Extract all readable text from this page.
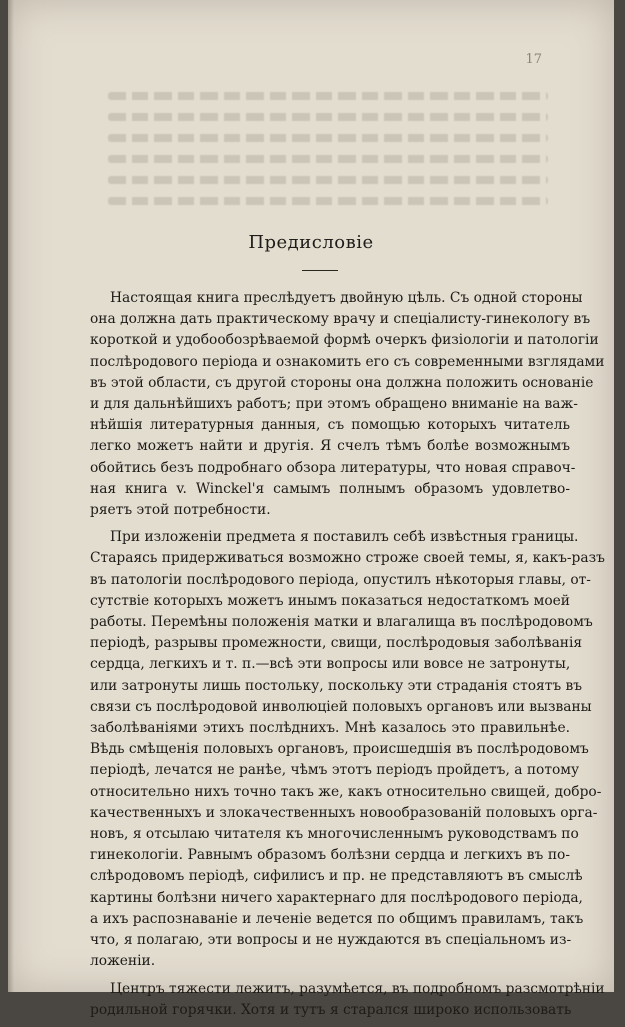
17
Предисловіе

Настоящая книга преслѣдуетъ двойную цѣль. Съ одной стороны
она должна дать практическому врачу и спеціалисту-гинекологу въ
короткой и удобообозрѣваемой формѣ очеркъ физіологіи и патологіи
послѣродового періода и ознакомить его съ современными взглядами
въ этой области, съ другой стороны она должна положить основаніе
и для дальнѣйшихъ работъ; при этомъ обращено вниманіе на важ-
нѣйшія литературныя данныя, съ помощью которыхъ читатель
легко можетъ найти и другія. Я счелъ тѣмъ болѣе возможнымъ
обойтись безъ подробнаго обзора литературы, что новая справоч-
ная книга v. Winckel'я самымъ полнымъ образомъ удовлетво-
ряетъ этой потребности.

При изложеніи предмета я поставилъ себѣ извѣстныя границы.
Стараясь придерживаться возможно строже своей темы, я, какъ-разъ
въ патологіи послѣродового періода, опустилъ нѣкоторыя главы, от-
сутствіе которыхъ можетъ инымъ показаться недостаткомъ моей
работы. Перемѣны положенія матки и влагалища въ послѣродовомъ
періодѣ, разрывы промежности, свищи, послѣродовыя заболѣванія
сердца, легкихъ и т. п.—всѣ эти вопросы или вовсе не затронуты,
или затронуты лишь постольку, поскольку эти страданія стоятъ въ
связи съ послѣродовой инволюціей половыхъ органовъ или вызваны
заболѣваніями этихъ послѣднихъ. Мнѣ казалось это правильнѣе.
Вѣдь смѣщенія половыхъ органовъ, происшедшія въ послѣродовомъ
періодѣ, лечатся не ранѣе, чѣмъ этотъ періодъ пройдетъ, а потому
относительно нихъ точно такъ же, какъ относительно свищей, добро-
качественныхъ и злокачественныхъ новообразованій половыхъ орга-
новъ, я отсылаю читателя къ многочисленнымъ руководствамъ по
гинекологіи. Равнымъ образомъ болѣзни сердца и легкихъ въ по-
слѣродовомъ періодѣ, сифилисъ и пр. не представляютъ въ смыслѣ
картины болѣзни ничего характернаго для послѣродового періода,
а ихъ распознаваніе и леченіе ведется по общимъ правиламъ, такъ
что, я полагаю, эти вопросы и не нуждаются въ спеціальномъ из-
ложеніи.

Центръ тяжести лежитъ, разумѣется, въ подробномъ разсмотрѣніи
родильной горячки. Хотя и тутъ я старался широко использовать
